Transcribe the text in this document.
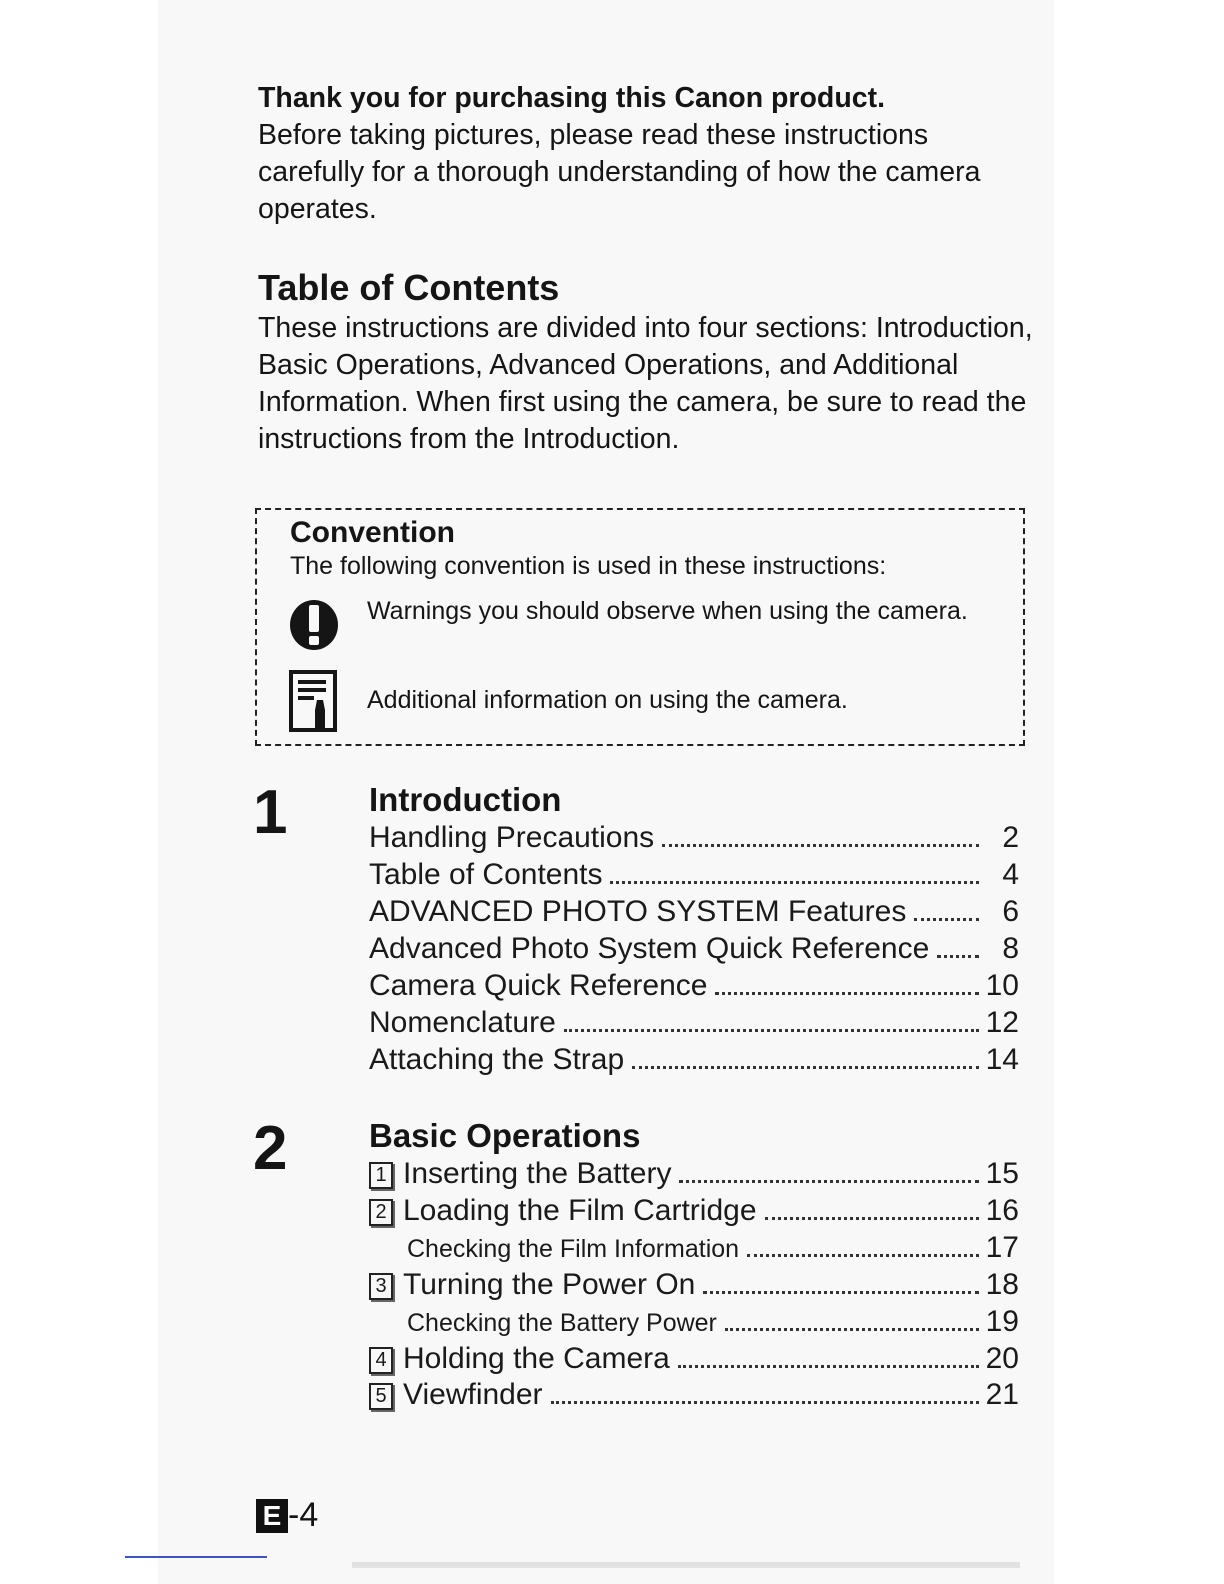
Thank you for purchasing this Canon product.
Before taking pictures, please read these instructions carefully for a thorough understanding of how the camera operates.

Table of Contents

These instructions are divided into four sections: Introduction, Basic Operations, Advanced Operations, and Additional Information. When first using the camera, be sure to read the instructions from the Introduction.

Convention

The following convention is used in these instructions:

Warnings you should observe when using the camera.
Additional information on using the camera.
1 Introduction
Handling Precautions	2
Table of Contents	4
ADVANCED PHOTO SYSTEM Features	6
Advanced Photo System Quick Reference	8
Camera Quick Reference	10
Nomenclature	12
Attaching the Strap	14
2 Basic Operations
1 Inserting the Battery	15
2 Loading the Film Cartridge	16
Checking the Film Information	17
3 Turning the Power On	18
Checking the Battery Power	19
4 Holding the Camera	20
5 Viewfinder	21
E -4
